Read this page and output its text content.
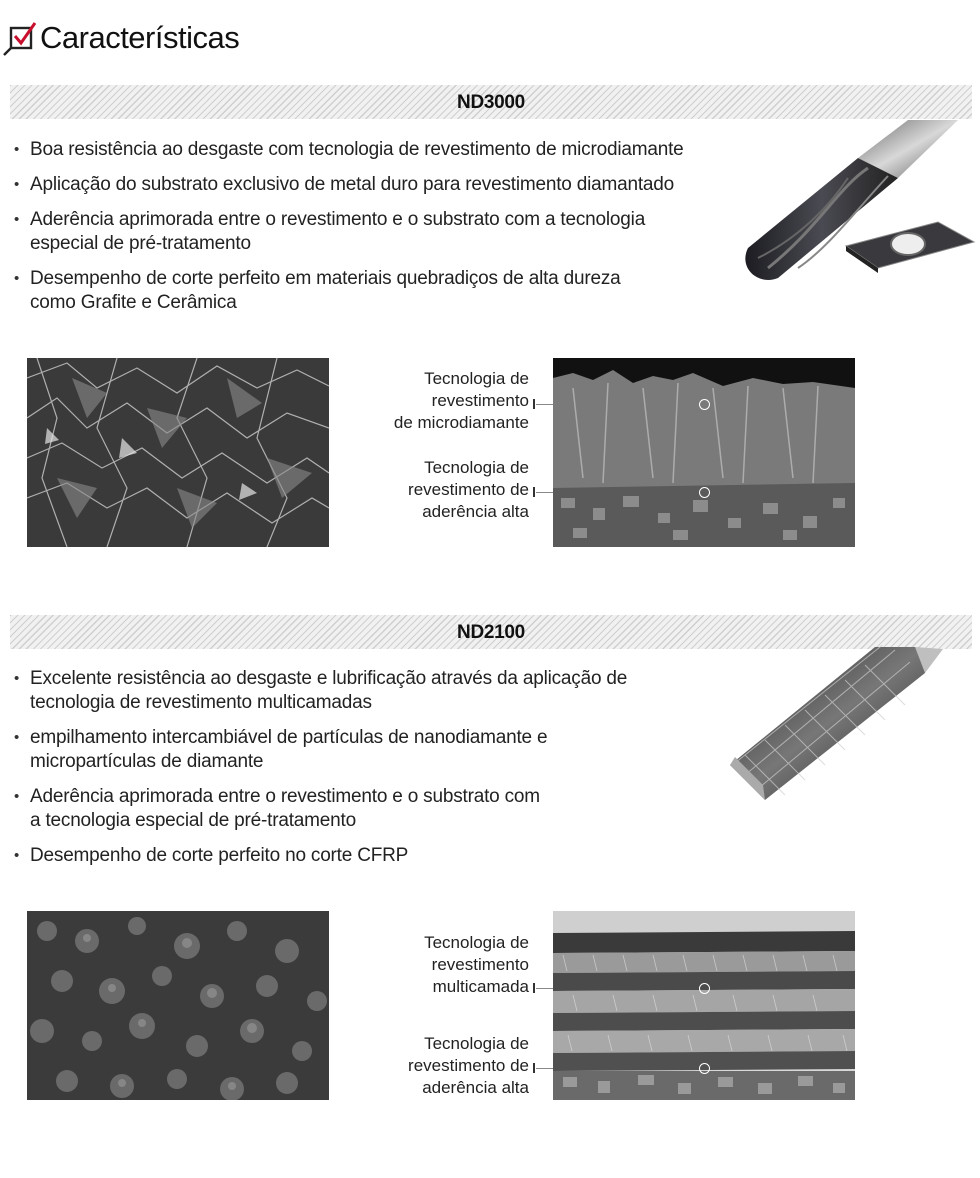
Características
ND3000
• Boa resistência ao desgaste com tecnologia de revestimento de microdiamante
• Aplicação do substrato exclusivo de metal duro para revestimento diamantado
• Aderência aprimorada entre o revestimento e o substrato com a tecnologia
especial de pré-tratamento
• Desempenho de corte perfeito em materiais quebradiços de alta dureza
como Grafite e Cerâmica
Tecnologia de
revestimento
de microdiamante
Tecnologia de
revestimento de
aderência alta
ND2100
• Excelente resistência ao desgaste e lubrificação através da aplicação de
tecnologia de revestimento multicamadas
• empilhamento intercambiável de partículas de nanodiamante e
micropartículas de diamante
• Aderência aprimorada entre o revestimento e o substrato com
a tecnologia especial de pré-tratamento
• Desempenho de corte perfeito no corte CFRP
Tecnologia de
revestimento
multicamada
Tecnologia de
revestimento de
aderência alta
